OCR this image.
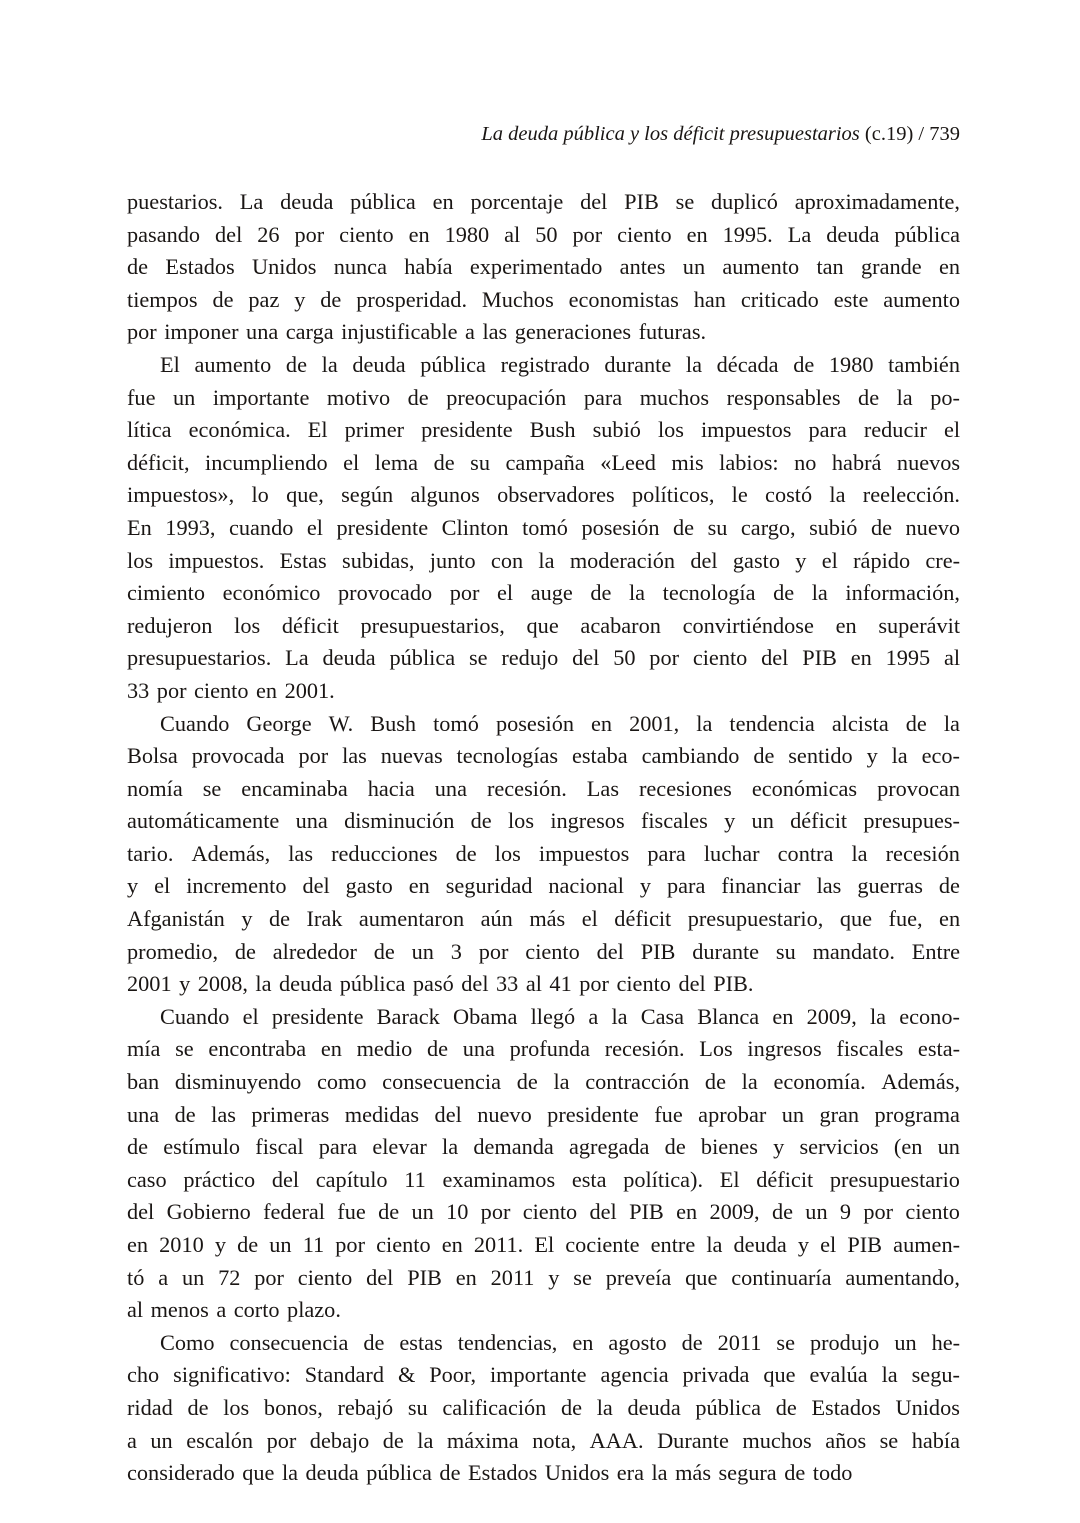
La deuda pública y los déficit presupuestarios (c.19) / 739
puestarios.
La
deuda
pública
en
porcentaje
del
PIB
se
duplicó
aproximadamente,
pasando
del
26
por
ciento
en
1980
al
50
por
ciento
en
1995.
La
deuda
pública
de
Estados
Unidos
nunca
había
experimentado
antes
un
aumento
tan
grande
en
tiempos
de
paz
y
de
prosperidad.
Muchos
economistas
han
criticado
este
aumento
por
imponer
una
carga
injustificable
a
las
generaciones
futuras.
El
aumento
de
la
deuda
pública
registrado
durante
la
década
de
1980
también
fue
un
importante
motivo
de
preocupación
para
muchos
responsables
de
la
po-
lítica
económica.
El
primer
presidente
Bush
subió
los
impuestos
para
reducir
el
déficit,
incumpliendo
el
lema
de
su
campaña
«Leed
mis
labios:
no
habrá
nuevos
impuestos»,
lo
que,
según
algunos
observadores
políticos,
le
costó
la
reelección.
En
1993,
cuando
el
presidente
Clinton
tomó
posesión
de
su
cargo,
subió
de
nuevo
los
impuestos.
Estas
subidas,
junto
con
la
moderación
del
gasto
y
el
rápido
cre-
cimiento
económico
provocado
por
el
auge
de
la
tecnología
de
la
información,
redujeron
los
déficit
presupuestarios,
que
acabaron
convirtiéndose
en
superávit
presupuestarios.
La
deuda
pública
se
redujo
del
50
por
ciento
del
PIB
en
1995
al
33
por
ciento
en
2001.
Cuando
George
W.
Bush
tomó
posesión
en
2001,
la
tendencia
alcista
de
la
Bolsa
provocada
por
las
nuevas
tecnologías
estaba
cambiando
de
sentido
y
la
eco-
nomía
se
encaminaba
hacia
una
recesión.
Las
recesiones
económicas
provocan
automáticamente
una
disminución
de
los
ingresos
fiscales
y
un
déficit
presupues-
tario.
Además,
las
reducciones
de
los
impuestos
para
luchar
contra
la
recesión
y
el
incremento
del
gasto
en
seguridad
nacional
y
para
financiar
las
guerras
de
Afganistán
y
de
Irak
aumentaron
aún
más
el
déficit
presupuestario,
que
fue,
en
promedio,
de
alrededor
de
un
3
por
ciento
del
PIB
durante
su
mandato.
Entre
2001
y
2008,
la
deuda
pública
pasó
del
33
al
41
por
ciento
del
PIB.
Cuando
el
presidente
Barack
Obama
llegó
a
la
Casa
Blanca
en
2009,
la
econo-
mía
se
encontraba
en
medio
de
una
profunda
recesión.
Los
ingresos
fiscales
esta-
ban
disminuyendo
como
consecuencia
de
la
contracción
de
la
economía.
Además,
una
de
las
primeras
medidas
del
nuevo
presidente
fue
aprobar
un
gran
programa
de
estímulo
fiscal
para
elevar
la
demanda
agregada
de
bienes
y
servicios
(en
un
caso
práctico
del
capítulo
11
examinamos
esta
política).
El
déficit
presupuestario
del
Gobierno
federal
fue
de
un
10
por
ciento
del
PIB
en
2009,
de
un
9
por
ciento
en
2010
y
de
un
11
por
ciento
en
2011.
El
cociente
entre
la
deuda
y
el
PIB
aumen-
tó
a
un
72
por
ciento
del
PIB
en
2011
y
se
preveía
que
continuaría
aumentando,
al
menos
a
corto
plazo.
Como
consecuencia
de
estas
tendencias,
en
agosto
de
2011
se
produjo
un
he-
cho
significativo:
Standard
&
Poor,
importante
agencia
privada
que
evalúa
la
segu-
ridad
de
los
bonos,
rebajó
su
calificación
de
la
deuda
pública
de
Estados
Unidos
a
un
escalón
por
debajo
de
la
máxima
nota,
AAA.
Durante
muchos
años
se
había
considerado
que
la
deuda
pública
de
Estados
Unidos
era
la
más
segura
de
todo
